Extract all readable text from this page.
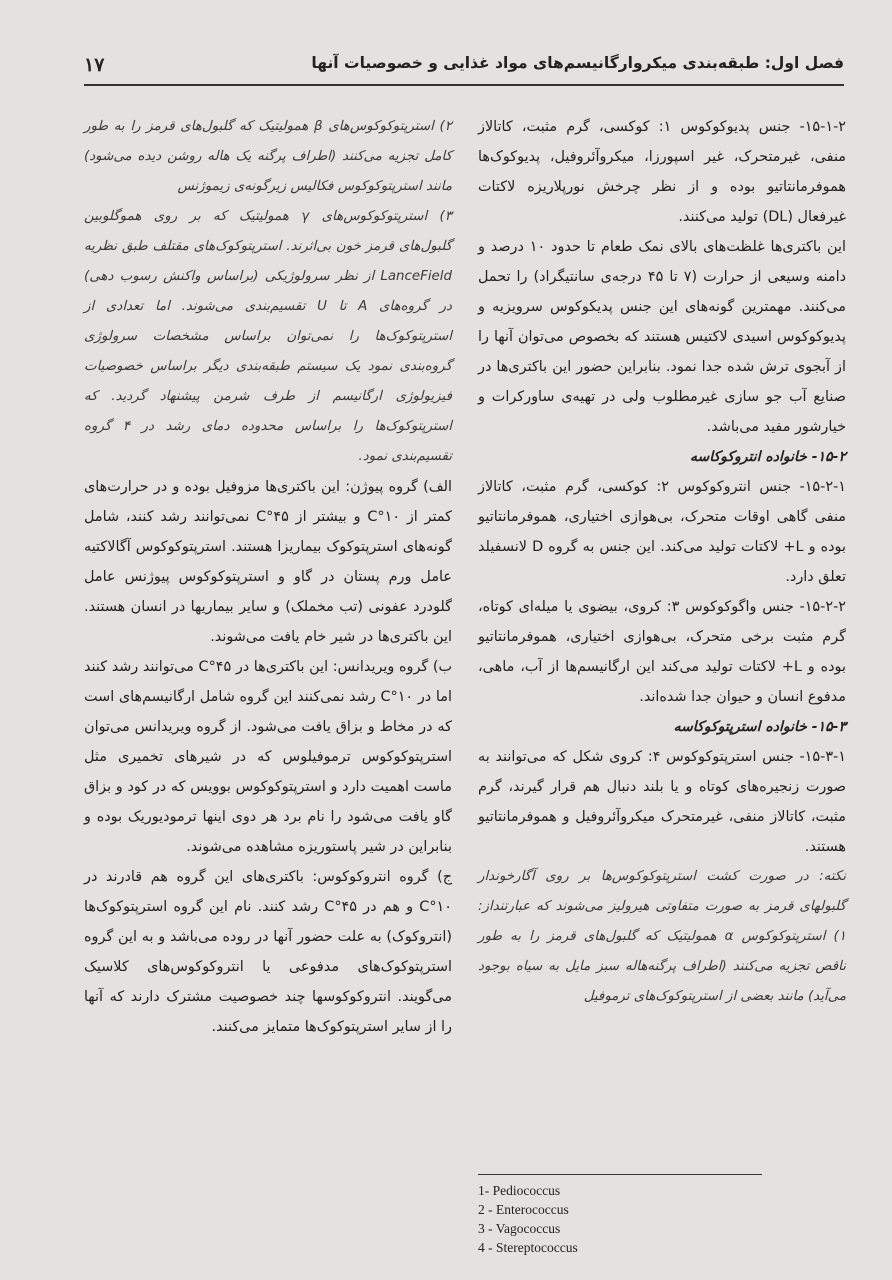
فصل اول: طبقه‌بندی میکروارگانیسم‌های مواد غذایی و خصوصیات آنها
۱۷

۱۵-۱-۲- جنس پدیوکوکوس ۱: کوکسی، گرم مثبت، کاتالاز منفی، غیرمتحرک، غیر اسپورزا، میکروآئروفیل، پدیوکوک‌ها هموفرمانتاتیو بوده و از نظر چرخش نورپلاریزه لاکتات غیرفعال (DL) تولید می‌کنند.

این باکتری‌ها غلظت‌های بالای نمک طعام تا حدود ۱۰ درصد و دامنه وسیعی از حرارت (۷ تا ۴۵ درجه‌ی سانتیگراد) را تحمل می‌کنند. مهمترین گونه‌های این جنس پدیکوکوس سرویزیه و پدیوکوکوس اسیدی لاکتیس هستند که بخصوص می‌توان آنها را از آبجوی ترش شده جدا نمود. بنابراین حضور این باکتری‌ها در صنایع آب جو سازی غیرمطلوب ولی در تهیه‌ی ساورکرات و خیارشور مفید می‌باشد.

۱۵-۲- خانواده انتروکوکاسه

۱۵-۲-۱- جنس انتروکوکوس ۲: کوکسی، گرم مثبت، کاتالاز منفی گاهی اوقات متحرک، بی‌هوازی اختیاری، هموفرمانتاتیو بوده و L+ لاکتات تولید می‌کند. این جنس به گروه D لانسفیلد تعلق دارد.

۱۵-۲-۲- جنس واگوکوکوس ۳: کروی، بیضوی یا میله‌ای کوتاه، گرم مثبت برخی متحرک، بی‌هوازی اختیاری، هموفرمانتاتیو بوده و L+ لاکتات تولید می‌کند این ارگانیسم‌ها از آب، ماهی، مدفوع انسان و حیوان جدا شده‌اند.

۱۵-۳- خانواده استرپتوکوکاسه

۱۵-۳-۱- جنس استرپتوکوکوس ۴: کروی شکل که می‌توانند به صورت زنجیره‌های کوتاه و یا بلند دنبال هم قرار گیرند، گرم مثبت، کاتالاز منفی، غیرمتحرک میکروآئروفیل و هموفرمانتاتیو هستند.

نکته: در صورت کشت استرپتوکوکوس‌ها بر روی آگارخوندار گلبولهای قرمز به صورت متفاوتی هیرولیز می‌شوند که عبارتنداز: ۱) استرپتوکوکوس α همولیتیک که گلبول‌های قرمز را به طور ناقص تجزیه می‌کنند (اطراف پرگنه‌هاله سبز مایل به سیاه بوجود می‌آید) مانند بعضی از استرپتوکوک‌های ترموفیل

۲) استرپتوکوکوس‌های β همولیتیک که گلبول‌های قرمز را به طور کامل تجزیه می‌کنند (اطراف پرگنه یک هاله روشن دیده می‌شود) مانند استرپتوکوکوس فکالیس زیرگونه‌ی زیموژنس

۳) استرپتوکوکوس‌های γ همولیتیک که بر روی هموگلوبین گلبول‌های قرمز خون بی‌اثرند. استرپتوکوک‌های مقتلف طبق نظریه LanceField از نظر سرولوژیکی (براساس واکنش رسوب دهی) در گروه‌های A تا U تقسیم‌بندی می‌شوند. اما تعدادی از استرپتوکوک‌ها را نمی‌توان براساس مشخصات سرولوژی گروه‌بندی نمود یک سیستم طبقه‌بندی دیگر براساس خصوصیات فیزیولوژی ارگانیسم از طرف شرمن پیشنهاد گردید. که استرپتوکوک‌ها را براساس محدوده دمای رشد در ۴ گروه تقسیم‌بندی نمود.

الف) گروه پیوژن: این باکتری‌ها مزوفیل بوده و در حرارت‌های کمتر از ۱۰°C و بیشتر از ۴۵°C نمی‌توانند رشد کنند، شامل گونه‌های استرپتوکوک بیماریزا هستند. استرپتوکوکوس آگالاکتیه عامل ورم پستان در گاو و استرپتوکوکوس پیوژنس عامل گلودرد عفونی (تب مخملک) و سایر بیماریها در انسان هستند. این باکتری‌ها در شیر خام یافت می‌شوند.

ب) گروه ویریدانس: این باکتری‌ها در ۴۵°C می‌توانند رشد کنند اما در ۱۰°C رشد نمی‌کنند این گروه شامل ارگانیسم‌های است که در مخاط و بزاق یافت می‌شود. از گروه ویریدانس می‌توان استرپتوکوکوس ترموفیلوس که در شیرهای تخمیری مثل ماست اهمیت دارد و استرپتوکوکوس بوویس که در کود و بزاق گاو یافت می‌شود را نام برد هر دوی اینها ترمودیوریک بوده و بنابراین در شیر پاستوریزه مشاهده می‌شوند.

ج) گروه انتروکوکوس: باکتری‌های این گروه هم قادرند در ۱۰°C و هم در ۴۵°C رشد کنند. نام این گروه استرپتوکوک‌ها (انتروکوک) به علت حضور آنها در روده می‌باشد و به این گروه استرپتوکوک‌های مدفوعی یا انتروکوکوس‌های کلاسیک می‌گویند. انتروکوکوسها چند خصوصیت مشترک دارند که آنها را از سایر استرپتوکوک‌ها متمایز می‌کنند.

1- Pediococcus
2 - Enterococcus
3 - Vagococcus
4 - Stereptococcus
